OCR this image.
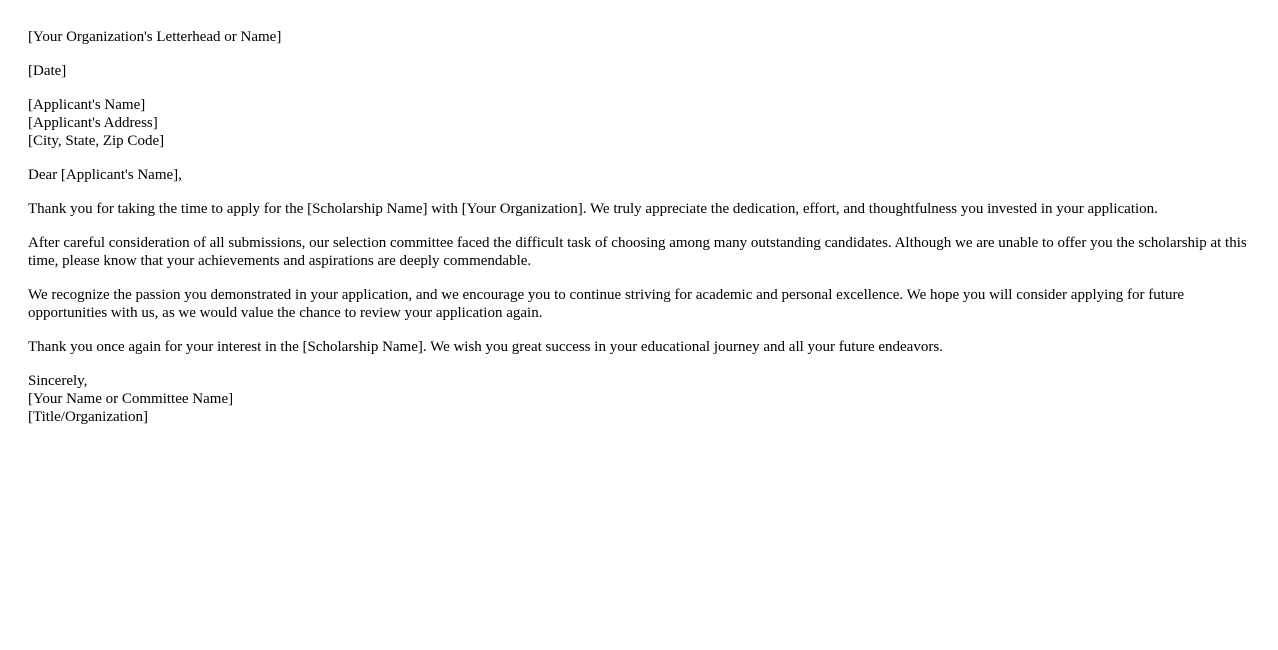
[Your Organization's Letterhead or Name]
[Date]
[Applicant's Name]
[Applicant's Address]
[City, State, Zip Code]
Dear [Applicant's Name],

Thank you for taking the time to apply for the [Scholarship Name] with [Your Organization]. We truly appreciate the dedication, effort, and thoughtfulness you invested in your application.

After careful consideration of all submissions, our selection committee faced the difficult task of choosing among many outstanding candidates. Although we are unable to offer you the scholarship at this time, please know that your achievements and aspirations are deeply commendable.

We recognize the passion you demonstrated in your application, and we encourage you to continue striving for academic and personal excellence. We hope you will consider applying for future opportunities with us, as we would value the chance to review your application again.

Thank you once again for your interest in the [Scholarship Name]. We wish you great success in your educational journey and all your future endeavors.

Sincerely,
[Your Name or Committee Name]
[Title/Organization]
